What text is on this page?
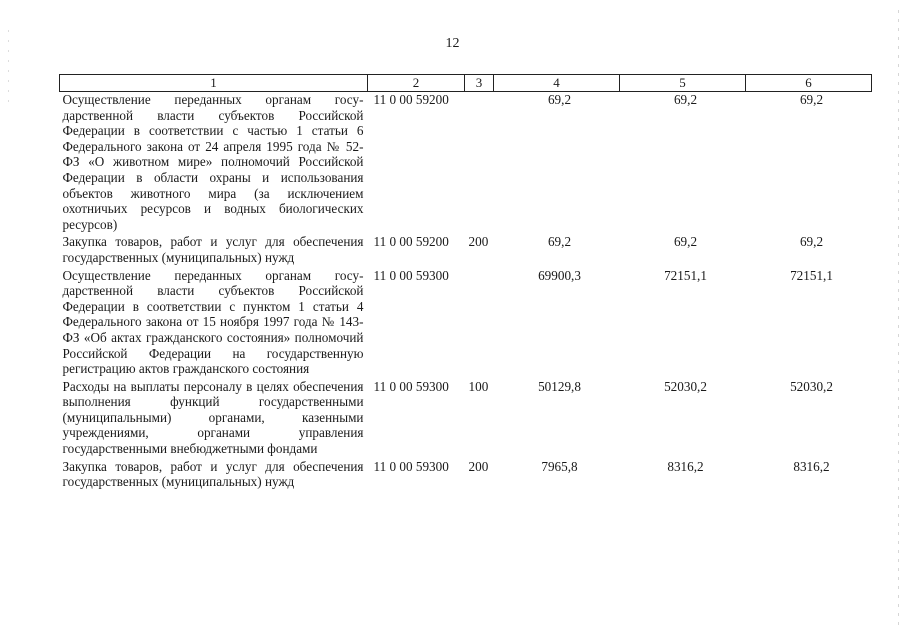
12
1	2	3	4	5	6
Осуществление переданных органам государственной власти субъектов Российской Федерации в соответствии с частью 1 статьи 6 Федерального закона от 24 апреля 1995 года № 52-ФЗ «О животном мире» полномочий Российской Федерации в области охраны и использования объектов животного мира (за исключением охотничьих ресурсов и водных биологических ресурсов)	11 0 00 59200		69,2	69,2	69,2
Закупка товаров, работ и услуг для обеспечения государственных (муниципальных) нужд	11 0 00 59200	200	69,2	69,2	69,2
Осуществление переданных органам государственной власти субъектов Российской Федерации в соответствии с пунктом 1 статьи 4 Федерального закона от 15 ноября 1997 года № 143-ФЗ «Об актах гражданского состояния» полномочий Российской Федерации на государственную регистрацию актов гражданского состояния	11 0 00 59300		69900,3	72151,1	72151,1
Расходы на выплаты персоналу в целях обеспечения выполнения функций государственными (муниципальными) органами, казенными учреждениями, органами управления государственными внебюджетными фондами	11 0 00 59300	100	50129,8	52030,2	52030,2
Закупка товаров, работ и услуг для обеспечения государственных (муниципальных) нужд	11 0 00 59300	200	7965,8	8316,2	8316,2
